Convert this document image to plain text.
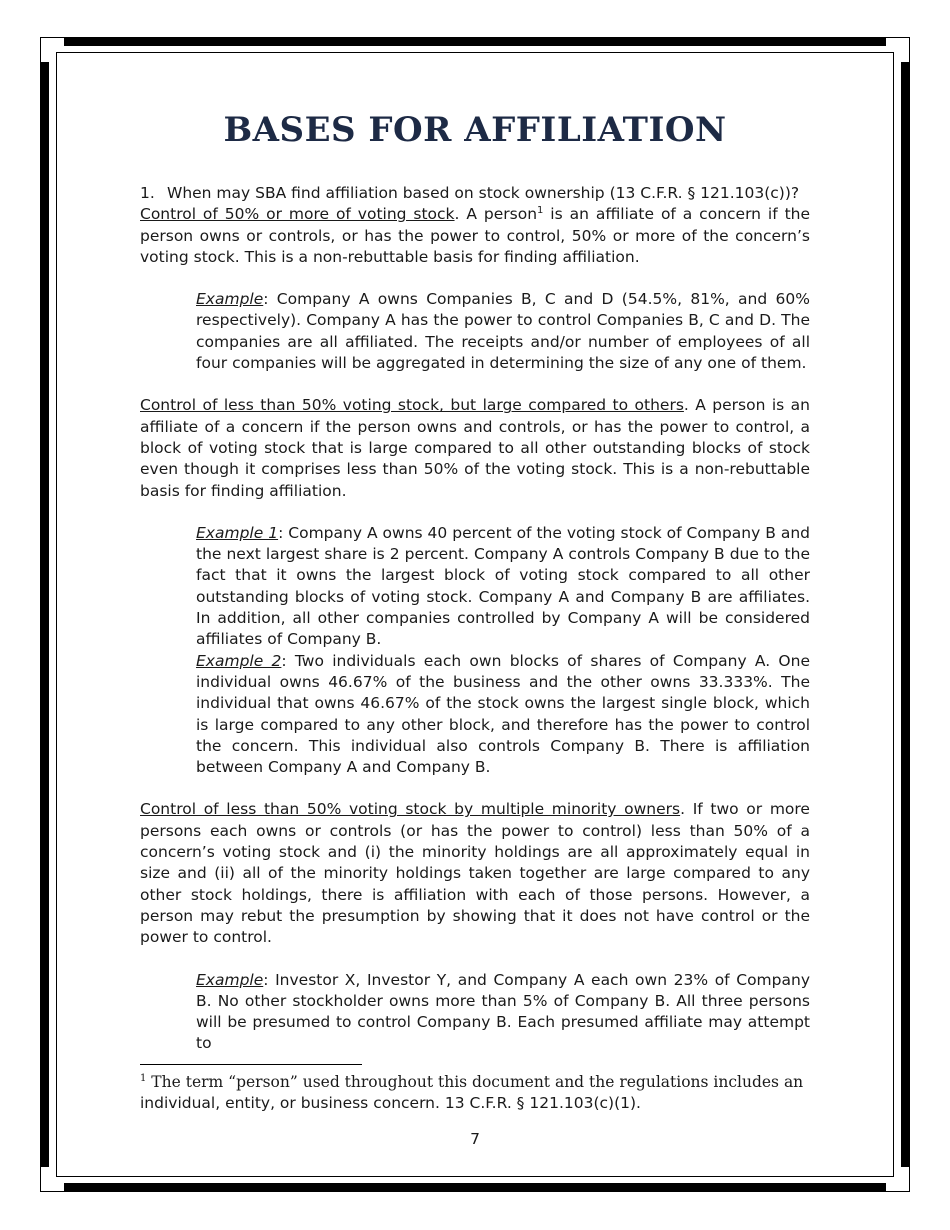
BASES FOR AFFILIATION
1. When may SBA find affiliation based on stock ownership (13 C.F.R. § 121.103(c))?

Control of 50% or more of voting stock. A person$^1$ is an affiliate of a concern if the person owns or controls, or has the power to control, 50% or more of the concern’s voting stock. This is a non-rebuttable basis for finding affiliation.

Example: Company A owns Companies B, C and D (54.5%, 81%, and 60% respectively). Company A has the power to control Companies B, C and D. The companies are all affiliated. The receipts and/or number of employees of all four companies will be aggregated in determining the size of any one of them.

Control of less than 50% voting stock, but large compared to others. A person is an affiliate of a concern if the person owns and controls, or has the power to control, a block of voting stock that is large compared to all other outstanding blocks of stock even though it comprises less than 50% of the voting stock. This is a non-rebuttable basis for finding affiliation.

Example 1: Company A owns 40 percent of the voting stock of Company B and the next largest share is 2 percent. Company A controls Company B due to the fact that it owns the largest block of voting stock compared to all other outstanding blocks of voting stock. Company A and Company B are affiliates. In addition, all other companies controlled by Company A will be considered affiliates of Company B.

Example 2: Two individuals each own blocks of shares of Company A. One individual owns 46.67% of the business and the other owns 33.333%. The individual that owns 46.67% of the stock owns the largest single block, which is large compared to any other block, and therefore has the power to control the concern. This individual also controls Company B. There is affiliation between Company A and Company B.

Control of less than 50% voting stock by multiple minority owners. If two or more persons each owns or controls (or has the power to control) less than 50% of a concern’s voting stock and (i) the minority holdings are all approximately equal in size and (ii) all of the minority holdings taken together are large compared to any other stock holdings, there is affiliation with each of those persons. However, a person may rebut the presumption by showing that it does not have control or the power to control.

Example: Investor X, Investor Y, and Company A each own 23% of Company B. No other stockholder owns more than 5% of Company B. All three persons will be presumed to control Company B. Each presumed affiliate may attempt to

$^1$ The term “person” used throughout this document and the regulations includes an
individual, entity, or business concern. 13 C.F.R. § 121.103(c)(1).
7
